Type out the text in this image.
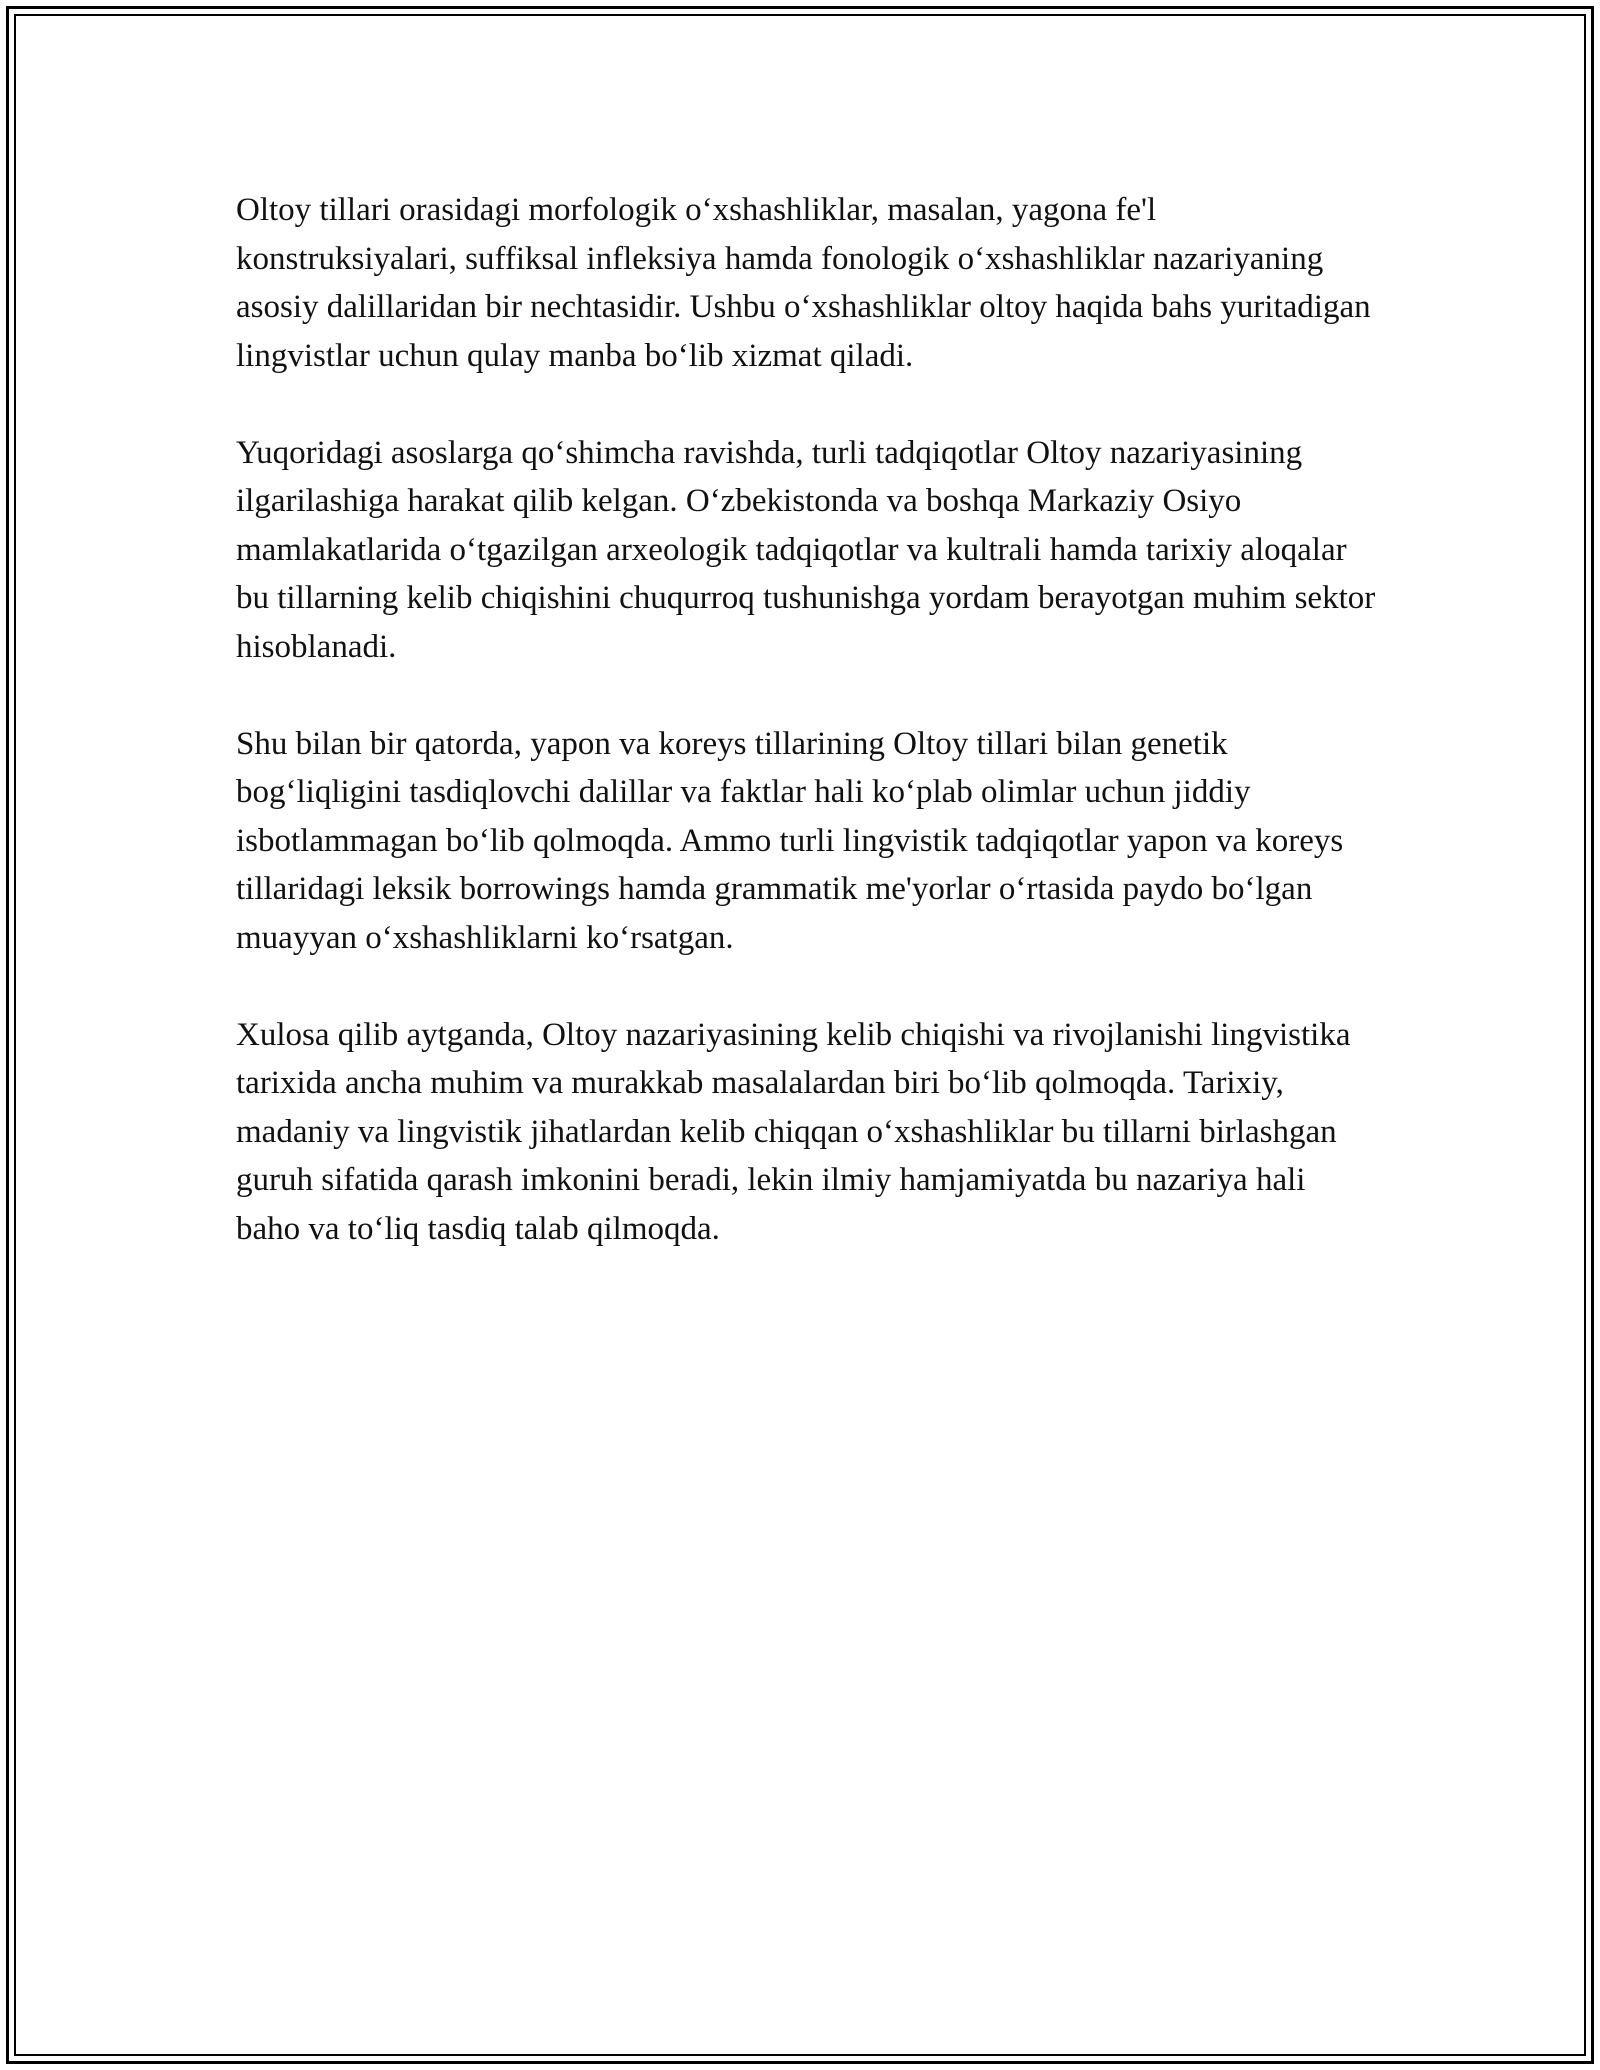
Oltoy tillari orasidagi morfologik o‘xshashliklar, masalan, yagona fe'l konstruksiyalari, suffiksal infleksiya hamda fonologik o‘xshashliklar nazariyaning asosiy dalillaridan bir nechtasidir. Ushbu o‘xshashliklar oltoy haqida bahs yuritadigan lingvistlar uchun qulay manba bo‘lib xizmat qiladi.

Yuqoridagi asoslarga qo‘shimcha ravishda, turli tadqiqotlar Oltoy nazariyasining ilgarilashiga harakat qilib kelgan. O‘zbekistonda va boshqa Markaziy Osiyo mamlakatlarida o‘tgazilgan arxeologik tadqiqotlar va kultrali hamda tarixiy aloqalar bu tillarning kelib chiqishini chuqurroq tushunishga yordam berayotgan muhim sektor hisoblanadi.

Shu bilan bir qatorda, yapon va koreys tillarining Oltoy tillari bilan genetik bog‘liqligini tasdiqlovchi dalillar va faktlar hali ko‘plab olimlar uchun jiddiy isbotlammagan bo‘lib qolmoqda. Ammo turli lingvistik tadqiqotlar yapon va koreys tillaridagi leksik borrowings hamda grammatik me'yorlar o‘rtasida paydo bo‘lgan muayyan o‘xshashliklarni ko‘rsatgan.

Xulosa qilib aytganda, Oltoy nazariyasining kelib chiqishi va rivojlanishi lingvistika tarixida ancha muhim va murakkab masalalardan biri bo‘lib qolmoqda. Tarixiy, madaniy va lingvistik jihatlardan kelib chiqqan o‘xshashliklar bu tillarni birlashgan guruh sifatida qarash imkonini beradi, lekin ilmiy hamjamiyatda bu nazariya hali baho va to‘liq tasdiq talab qilmoqda.
